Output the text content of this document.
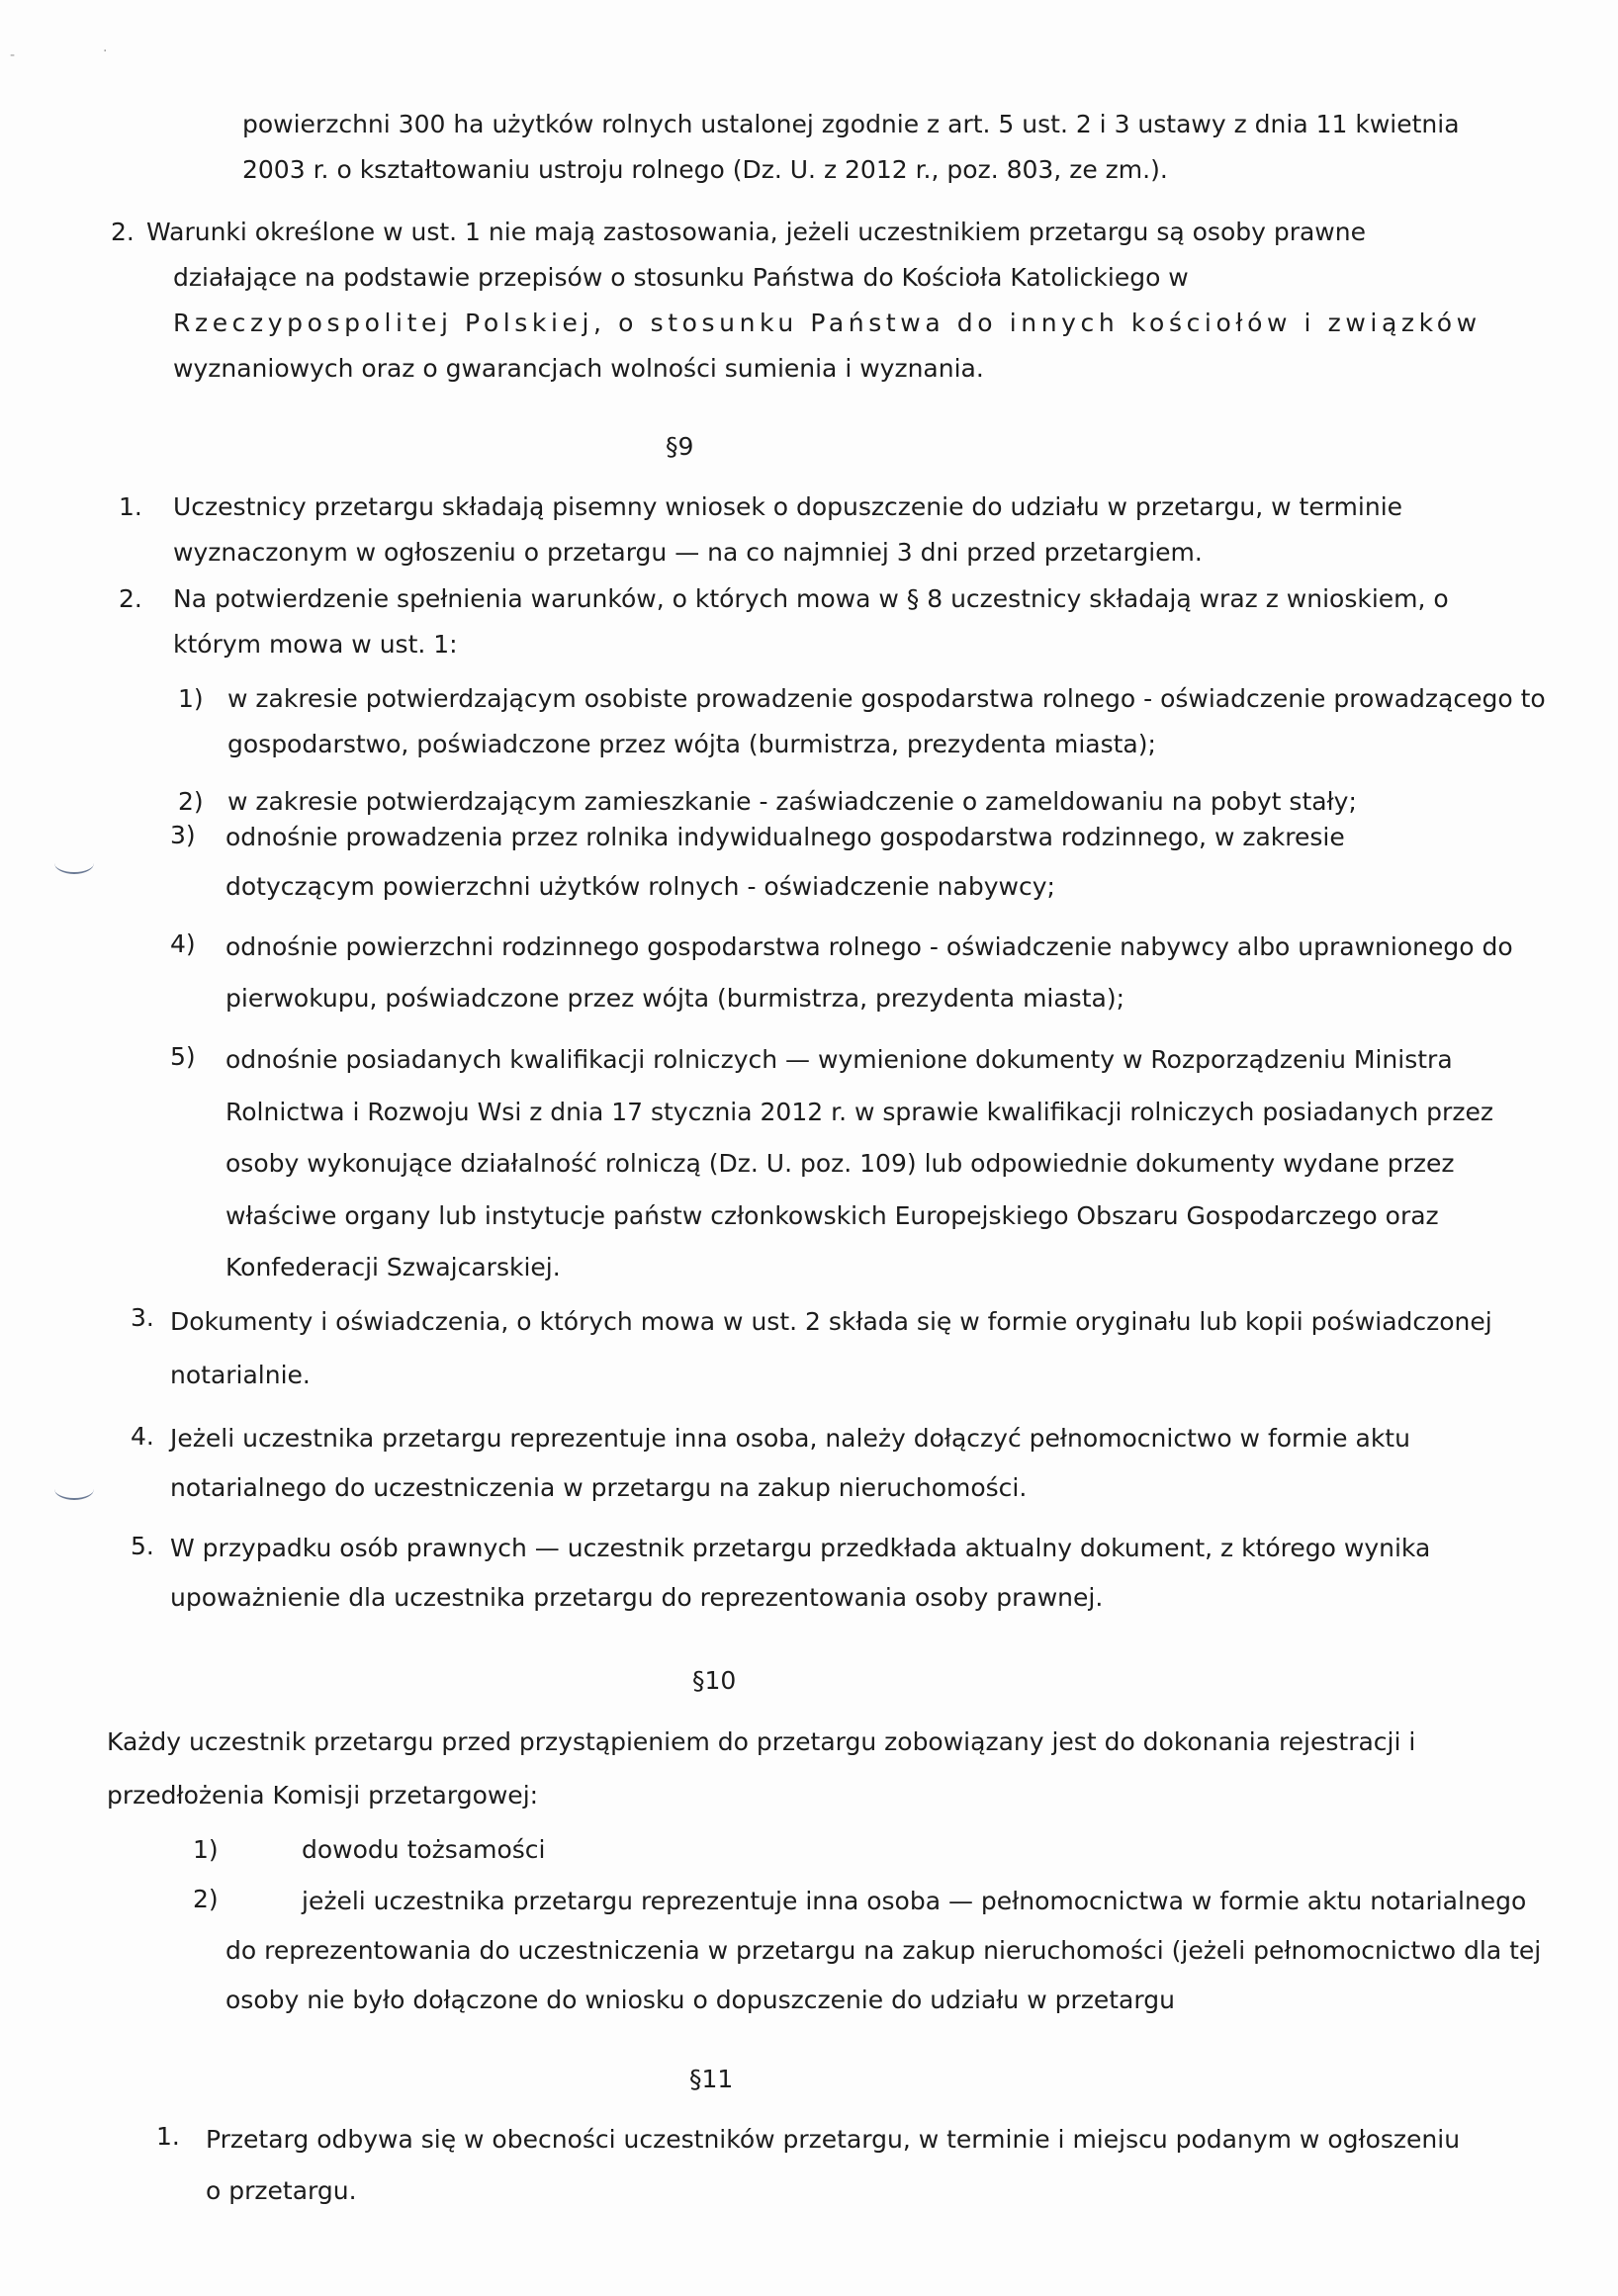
-	·
powierzchni 300 ha użytków rolnych ustalonej zgodnie z art. 5 ust. 2 i 3 ustawy z dnia 11 kwietnia
2003 r. o kształtowaniu ustroju rolnego (Dz. U. z 2012 r., poz. 803, ze zm.).
2. Warunki określone w ust. 1 nie mają zastosowania, jeżeli uczestnikiem przetargu są osoby prawne
działające na podstawie przepisów o stosunku Państwa do Kościoła Katolickiego w
Rzeczypospolitej Polskiej, o stosunku Państwa do innych kościołów i związków
wyznaniowych oraz o gwarancjach wolności sumienia i wyznania.
§9
1. Uczestnicy przetargu składają pisemny wniosek o dopuszczenie do udziału w przetargu, w terminie
wyznaczonym w ogłoszeniu o przetargu — na co najmniej 3 dni przed przetargiem.
2. Na potwierdzenie spełnienia warunków, o których mowa w § 8 uczestnicy składają wraz z wnioskiem, o
którym mowa w ust. 1:
1) w zakresie potwierdzającym osobiste prowadzenie gospodarstwa rolnego - oświadczenie prowadzącego to
gospodarstwo, poświadczone przez wójta (burmistrza, prezydenta miasta);
2) w zakresie potwierdzającym zamieszkanie - zaświadczenie o zameldowaniu na pobyt stały;
3) odnośnie prowadzenia przez rolnika indywidualnego gospodarstwa rodzinnego, w zakresie
dotyczącym powierzchni użytków rolnych - oświadczenie nabywcy;
4) odnośnie powierzchni rodzinnego gospodarstwa rolnego - oświadczenie nabywcy albo uprawnionego do
pierwokupu, poświadczone przez wójta (burmistrza, prezydenta miasta);
5) odnośnie posiadanych kwalifikacji rolniczych — wymienione dokumenty w Rozporządzeniu Ministra
Rolnictwa i Rozwoju Wsi z dnia 17 stycznia 2012 r. w sprawie kwalifikacji rolniczych posiadanych przez
osoby wykonujące działalność rolniczą (Dz. U. poz. 109) lub odpowiednie dokumenty wydane przez
właściwe organy lub instytucje państw członkowskich Europejskiego Obszaru Gospodarczego oraz
Konfederacji Szwajcarskiej.
3. Dokumenty i oświadczenia, o których mowa w ust. 2 składa się w formie oryginału lub kopii poświadczonej
notarialnie.
4. Jeżeli uczestnika przetargu reprezentuje inna osoba, należy dołączyć pełnomocnictwo w formie aktu
notarialnego do uczestniczenia w przetargu na zakup nieruchomości.
5. W przypadku osób prawnych — uczestnik przetargu przedkłada aktualny dokument, z którego wynika
upoważnienie dla uczestnika przetargu do reprezentowania osoby prawnej.
§10
Każdy uczestnik przetargu przed przystąpieniem do przetargu zobowiązany jest do dokonania rejestracji i
przedłożenia Komisji przetargowej:
1)	dowodu tożsamości
2)	jeżeli uczestnika przetargu reprezentuje inna osoba — pełnomocnictwa w formie aktu notarialnego
do reprezentowania do uczestniczenia w przetargu na zakup nieruchomości (jeżeli pełnomocnictwo dla tej
osoby nie było dołączone do wniosku o dopuszczenie do udziału w przetargu
§11
1. Przetarg odbywa się w obecności uczestników przetargu, w terminie i miejscu podanym w ogłoszeniu
o przetargu.
